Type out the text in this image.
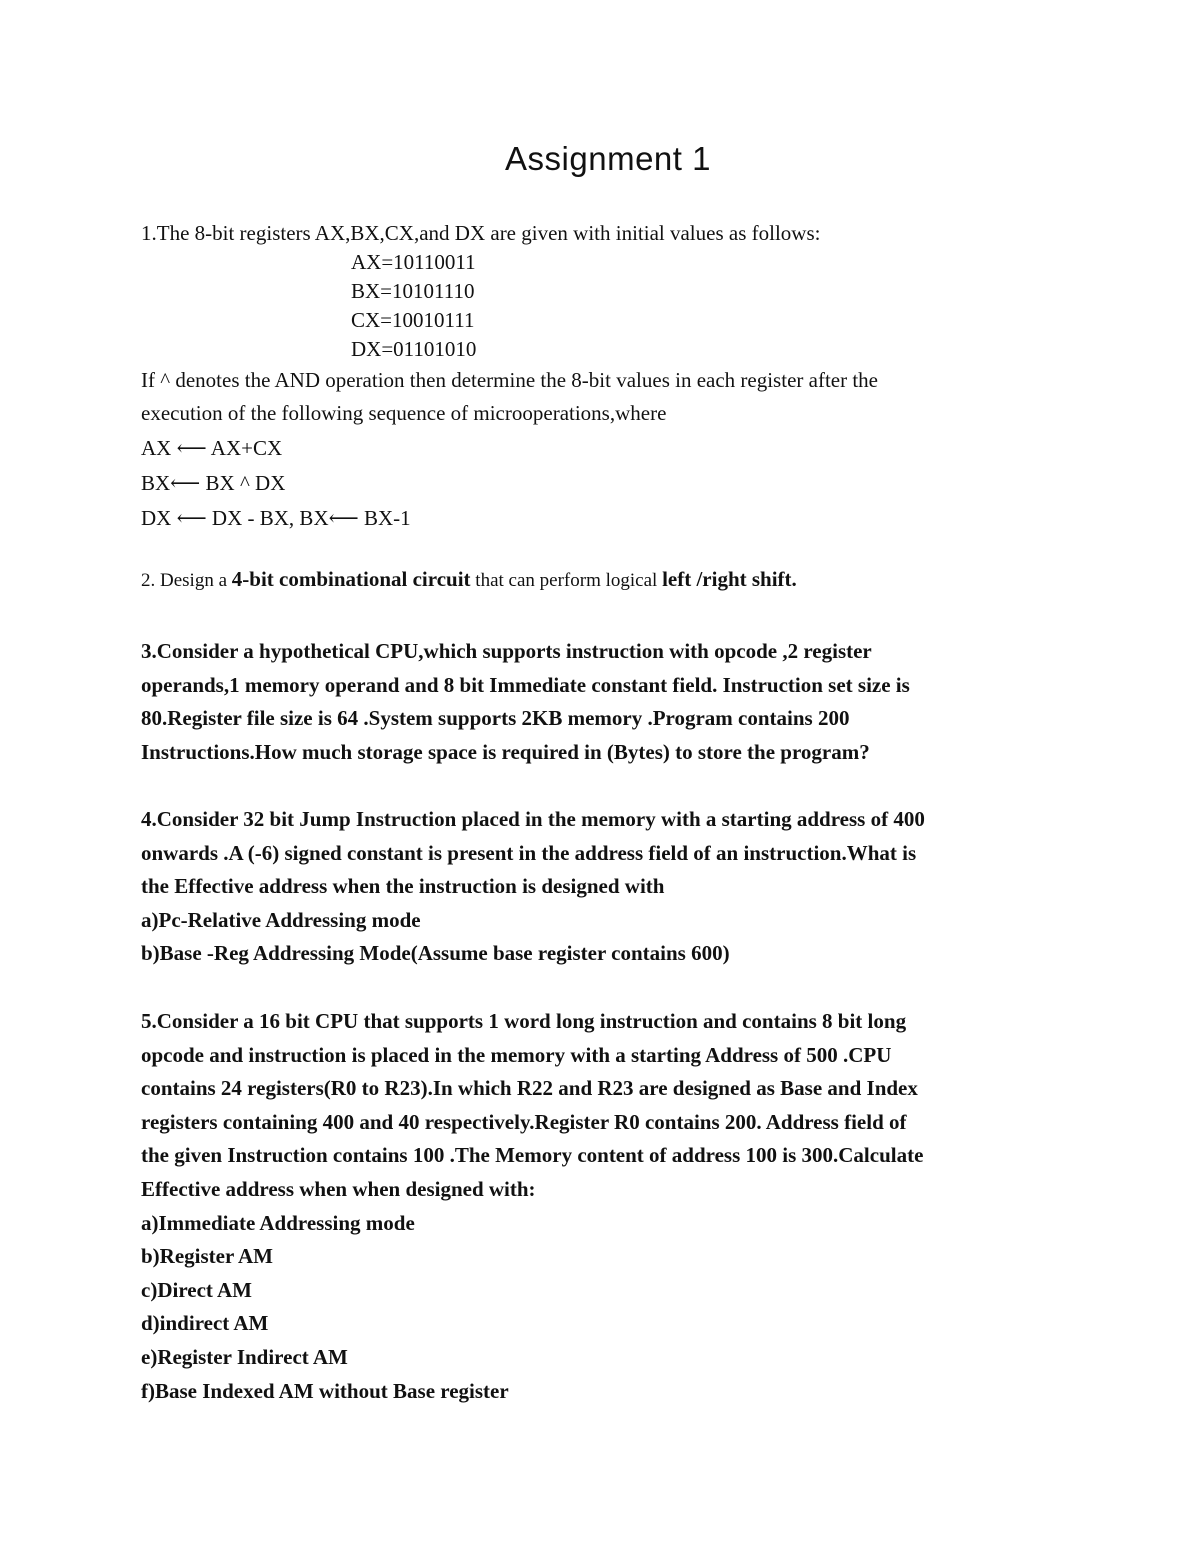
Assignment 1
1.The 8-bit registers AX,BX,CX,and DX are given with initial values as follows:
AX=10110011
BX=10101110
CX=10010111
DX=01101010
If ^ denotes the AND operation then determine the 8-bit values in each register after the
execution of the following sequence of microoperations,where
AX ⟵ AX+CX
BX⟵ BX ^ DX
DX ⟵ DX - BX, BX⟵ BX-1
2. Design a 4-bit combinational circuit that can perform logical left /right shift.
3.Consider a hypothetical CPU,which supports instruction with opcode ,2 register
operands,1 memory operand and 8 bit Immediate constant field. Instruction set size is
80.Register file size is 64 .System supports 2KB memory .Program contains 200
Instructions.How much storage space is required in (Bytes) to store the program?
4.Consider 32 bit Jump Instruction placed in the memory with a starting address of 400
onwards .A (-6) signed constant is present in the address field of an instruction.What is
the Effective address when the instruction is designed with
a)Pc-Relative Addressing mode
b)Base -Reg Addressing Mode(Assume base register contains 600)
5.Consider a 16 bit CPU that supports 1 word long instruction and contains 8 bit long
opcode and instruction is placed in the memory with a starting Address of 500 .CPU
contains 24 registers(R0 to R23).In which R22 and R23 are designed as Base and Index
registers containing 400 and 40 respectively.Register R0 contains 200. Address field of
the given Instruction contains 100 .The Memory content of address 100 is 300.Calculate
Effective address when when designed with:
a)Immediate Addressing mode
b)Register AM
c)Direct AM
d)indirect AM
e)Register Indirect AM
f)Base Indexed AM without Base register
